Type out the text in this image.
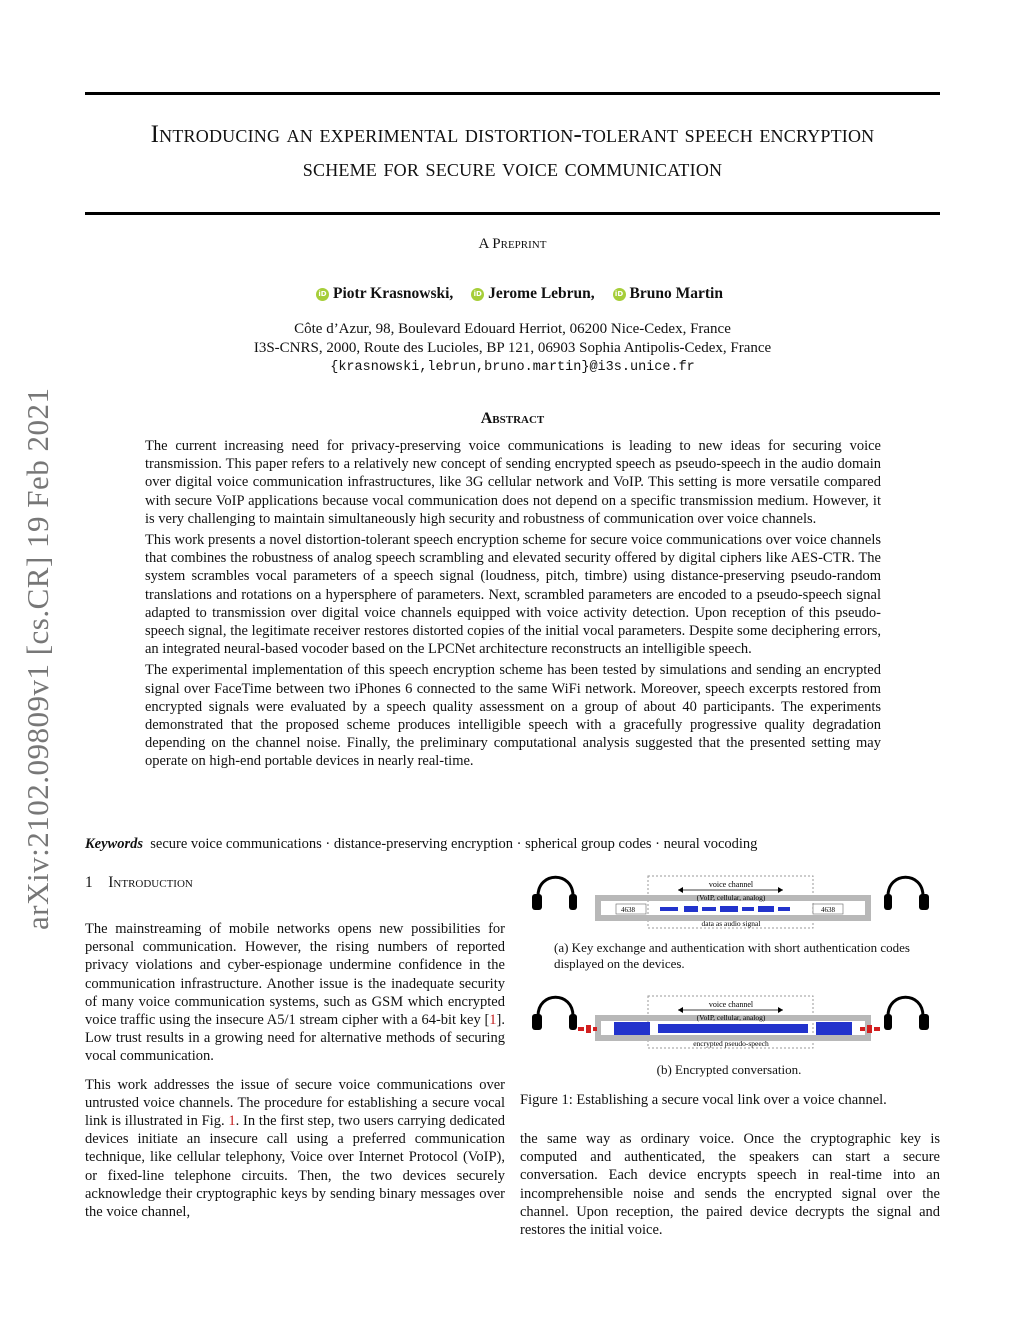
Introducing an experimental distortion-tolerant speech encryption
scheme for secure voice communication
A Preprint
iD Piotr Krasnowski,	iD Jerome Lebrun,	iD Bruno Martin
Côte d’Azur, 98, Boulevard Edouard Herriot, 06200 Nice-Cedex, France
I3S-CNRS, 2000, Route des Lucioles, BP 121, 06903 Sophia Antipolis-Cedex, France
{krasnowski,lebrun,bruno.martin}@i3s.unice.fr
arXiv:2102.09809v1 [cs.CR] 19 Feb 2021	Abstract

The current increasing need for privacy-preserving voice communications is leading to new ideas for securing voice transmission. This paper refers to a relatively new concept of sending encrypted speech as pseudo-speech in the audio domain over digital voice communication infrastructures, like 3G cellular network and VoIP. This setting is more versatile compared with secure VoIP applications because vocal communication does not depend on a specific transmission medium. However, it is very challenging to maintain simultaneously high security and robustness of communication over voice channels.

This work presents a novel distortion-tolerant speech encryption scheme for secure voice communications over voice channels that combines the robustness of analog speech scrambling and elevated security offered by digital ciphers like AES-CTR. The system scrambles vocal parameters of a speech signal (loudness, pitch, timbre) using distance-preserving pseudo-random translations and rotations on a hypersphere of parameters. Next, scrambled parameters are encoded to a pseudo-speech signal adapted to transmission over digital voice channels equipped with voice activity detection. Upon reception of this pseudo-speech signal, the legitimate receiver restores distorted copies of the initial vocal parameters. Despite some deciphering errors, an integrated neural-based vocoder based on the LPCNet architecture reconstructs an intelligible speech.

The experimental implementation of this speech encryption scheme has been tested by simulations and sending an encrypted signal over FaceTime between two iPhones 6 connected to the same WiFi network. Moreover, speech excerpts restored from encrypted signals were evaluated by a speech quality assessment on a group of about 40 participants. The experiments demonstrated that the proposed scheme produces intelligible speech with a gracefully progressive quality degradation depending on the channel noise. Finally, the preliminary computational analysis suggested that the presented setting may operate on high-end portable devices in nearly real-time.

Keywords secure voice communications · distance-preserving encryption · spherical group codes · neural vocoding
1 Introduction

The mainstreaming of mobile networks opens new possibilities for personal communication. However, the rising numbers of reported privacy violations and cyber-espionage undermine confidence in the communication infrastructure. Another issue is the inadequate security of many voice communication systems, such as GSM which encrypted voice traffic using the insecure A5/1 stream cipher with a 64-bit key [1]. Low trust results in a growing need for alternative methods of securing vocal communication.

This work addresses the issue of secure voice communications over untrusted voice channels. The procedure for establishing a secure vocal link is illustrated in Fig. 1. In the first step, two users carrying dedicated devices initiate an insecure call using a preferred communication technique, like cellular telephony, Voice over Internet Protocol (VoIP), or fixed-line telephone circuits. Then, the two devices securely acknowledge their cryptographic keys by sending binary messages over the voice channel,

voice channel
(VoIP, cellular, analog)
data as audio signal
4638	4638
voice channel
(VoIP, cellular, analog)
encrypted pseudo-speech
(a) Key exchange and authentication with short authentication codes displayed on the devices.
(b) Encrypted conversation.
Figure 1: Establishing a secure vocal link over a voice channel.

the same way as ordinary voice. Once the cryptographic key is computed and authenticated, the speakers can start a secure conversation. Each device encrypts speech in real-time into an incomprehensible noise and sends the encrypted signal over the channel. Upon reception, the paired device decrypts the signal and restores the initial voice.
